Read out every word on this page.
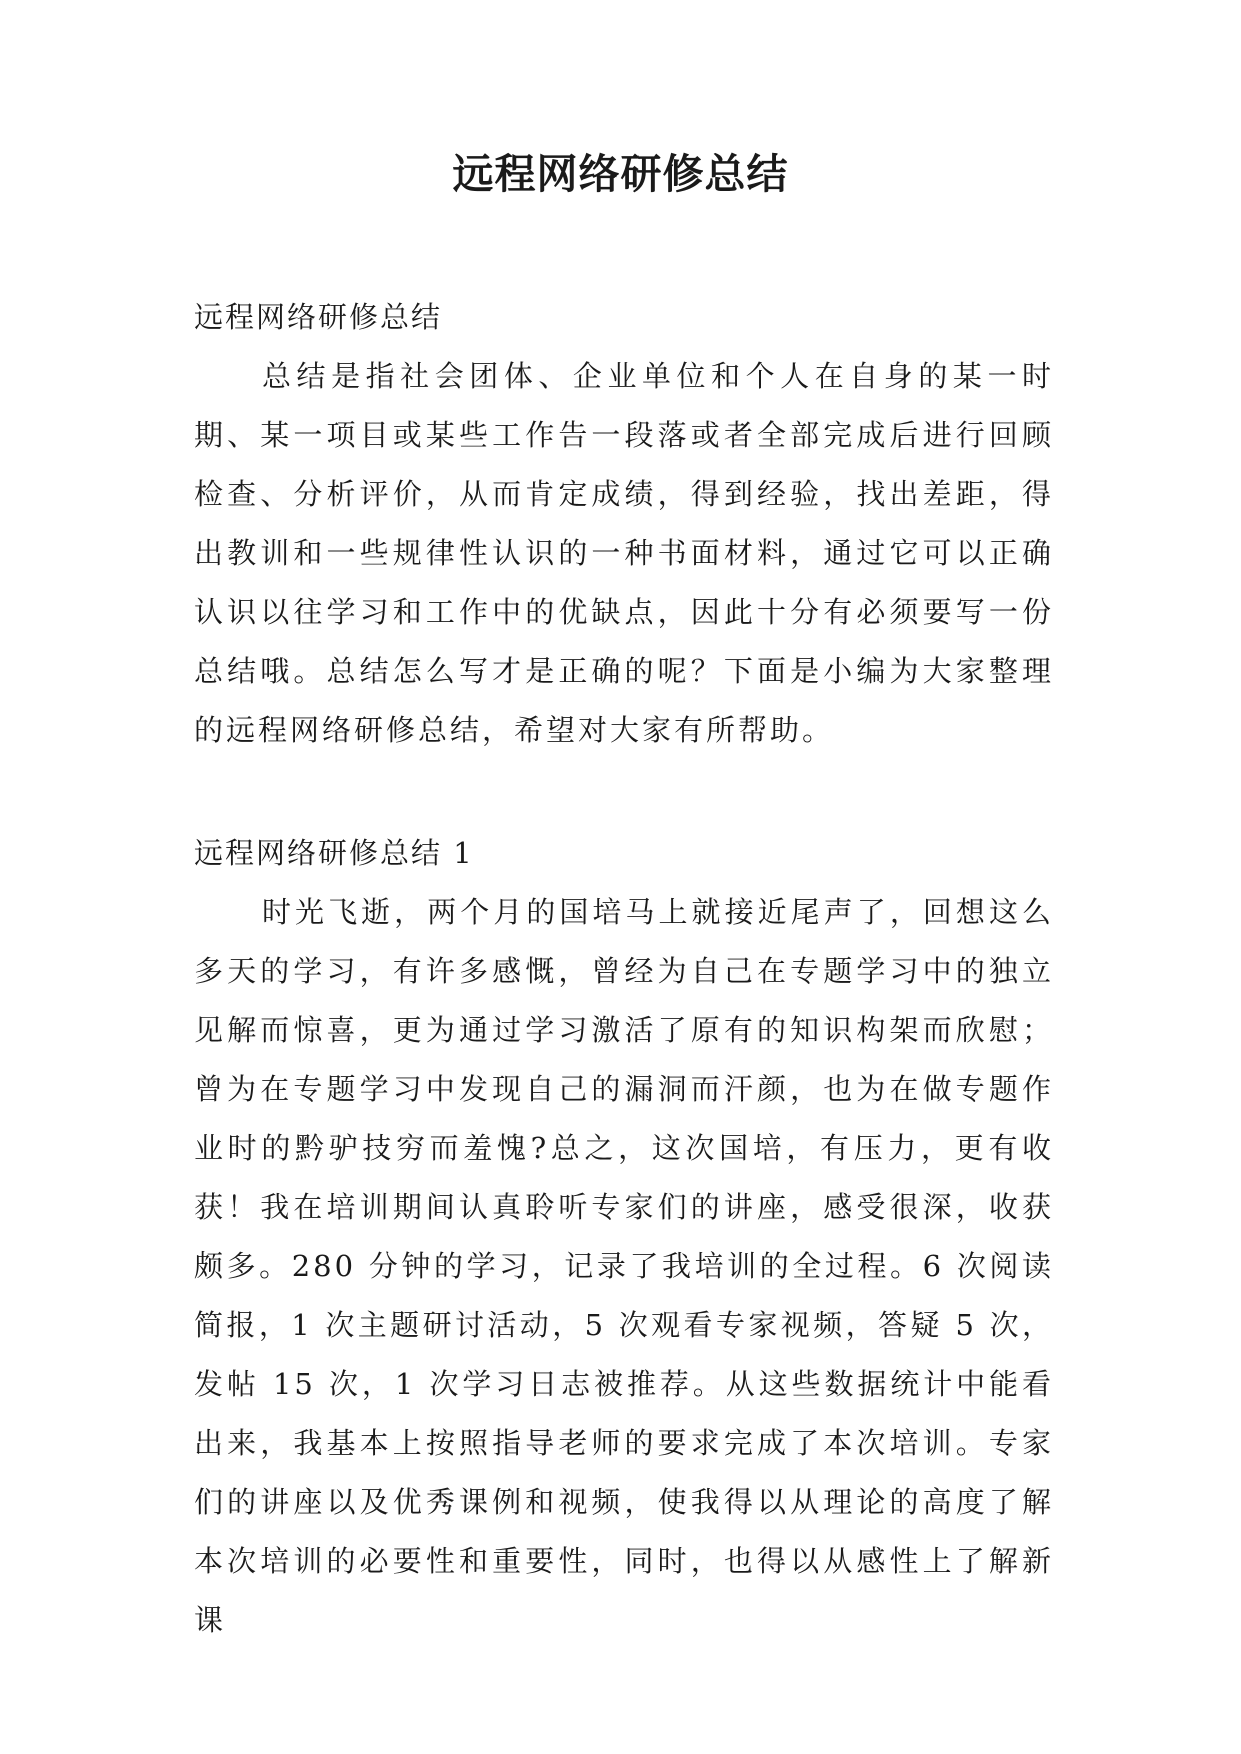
远程网络研修总结
远程网络研修总结

总结是指社会团体、企业单位和个人在自身的某一时期、某一项目或某些工作告一段落或者全部完成后进行回顾检查、分析评价，从而肯定成绩，得到经验，找出差距，得出教训和一些规律性认识的一种书面材料，通过它可以正确认识以往学习和工作中的优缺点，因此十分有必须要写一份总结哦。总结怎么写才是正确的呢？下面是小编为大家整理的远程网络研修总结，希望对大家有所帮助。

远程网络研修总结 1

时光飞逝，两个月的国培马上就接近尾声了，回想这么多天的学习，有许多感慨，曾经为自己在专题学习中的独立见解而惊喜，更为通过学习激活了原有的知识构架而欣慰；曾为在专题学习中发现自己的漏洞而汗颜，也为在做专题作业时的黔驴技穷而羞愧?总之，这次国培，有压力，更有收获！我在培训期间认真聆听专家们的讲座，感受很深，收获颇多。280 分钟的学习，记录了我培训的全过程。6 次阅读简报，1 次主题研讨活动，5 次观看专家视频，答疑 5 次，发帖 15 次，1 次学习日志被推荐。从这些数据统计中能看出来，我基本上按照指导老师的要求完成了本次培训。专家们的讲座以及优秀课例和视频，使我得以从理论的高度了解本次培训的必要性和重要性，同时，也得以从感性上了解新课
